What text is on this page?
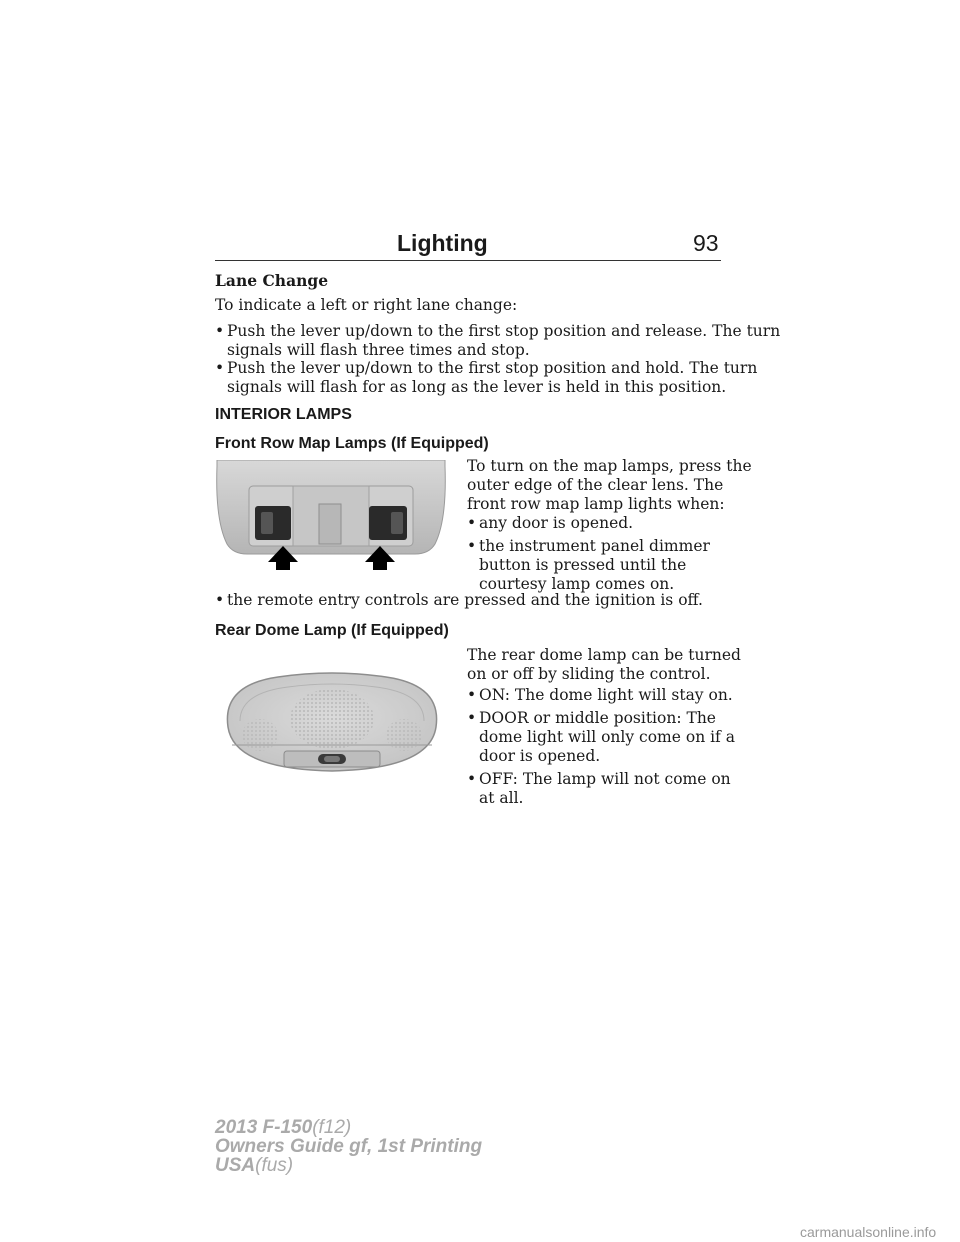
Lighting	93
Lane Change
To indicate a left or right lane change:
• Push the lever up/down to the first stop position and release. The turn
signals will flash three times and stop.
• Push the lever up/down to the first stop position and hold. The turn
signals will flash for as long as the lever is held in this position.
INTERIOR LAMPS
Front Row Map Lamps (If Equipped)
To turn on the map lamps, press the
outer edge of the clear lens. The
front row map lamp lights when:
• any door is opened.
• the instrument panel dimmer
button is pressed until the
courtesy lamp comes on.
• the remote entry controls are pressed and the ignition is off.
Rear Dome Lamp (If Equipped)
The rear dome lamp can be turned
on or off by sliding the control.
• ON: The dome light will stay on.
• DOOR or middle position: The
dome light will only come on if a
door is opened.
• OFF: The lamp will not come on
at all.
2013 F-150(f12)
Owners Guide gf, 1st Printing
USA(fus)
carmanualsonline.info
